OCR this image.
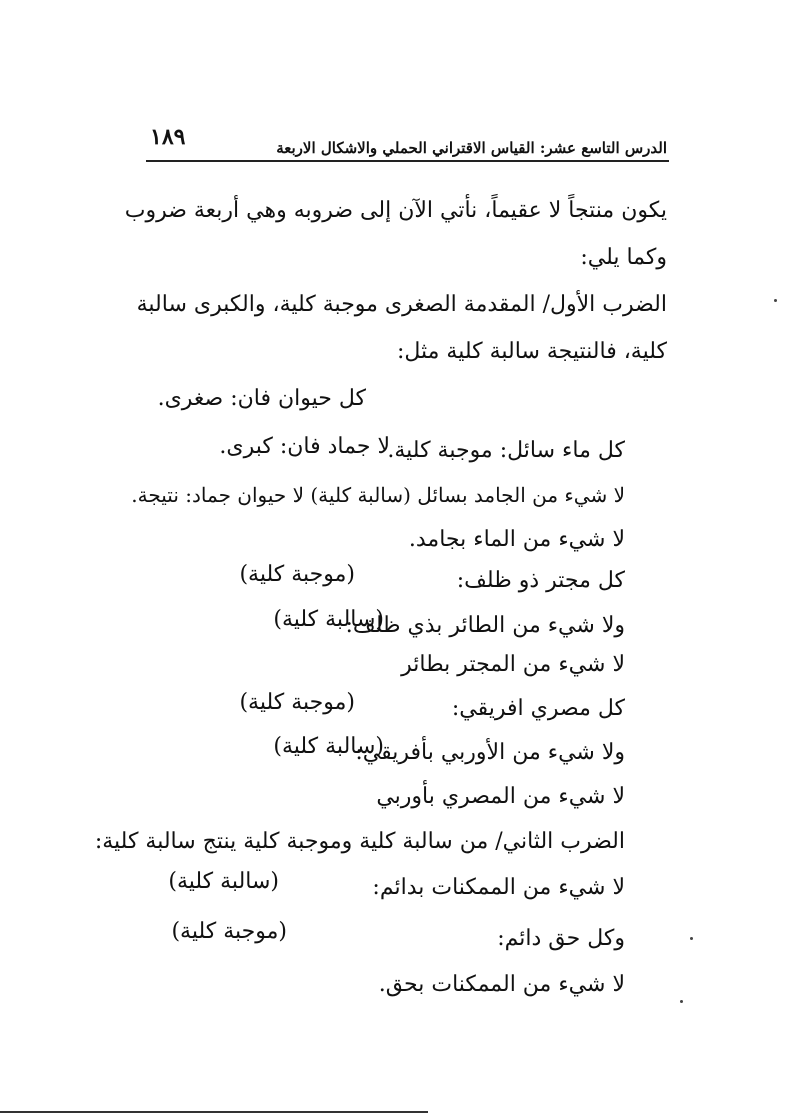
١٨٩	الدرس التاسع عشر: القياس الاقتراني الحملي والاشكال الاربعة
يكون منتجاً لا عقيماً، نأتي الآن إلى ضروبه وهي أربعة ضروب
وكما يلي:
الضرب الأول/ المقدمة الصغرى موجبة كلية، والكبرى سالبة
كلية، فالنتيجة سالبة كلية مثل:
كل حيوان فان: صغرى.
كل ماء سائل: موجبة كلية.
لا جماد فان: كبرى.
لا شيء من الجامد بسائل (سالبة كلية) لا حيوان جماد: نتيجة.
لا شيء من الماء بجامد.
كل مجتر ذو ظلف:
(موجبة كلية)
ولا شيء من الطائر بذي ظلف:
(سالبة كلية)
لا شيء من المجتر بطائر
كل مصري افريقي:
(موجبة كلية)
ولا شيء من الأوربي بأفريقي:
(سالبة كلية)
لا شيء من المصري بأوربي
الضرب الثاني/ من سالبة كلية وموجبة كلية ينتج سالبة كلية:
لا شيء من الممكنات بدائم:
(سالبة كلية)
وكل حق دائم:
(موجبة كلية)
لا شيء من الممكنات بحق.
